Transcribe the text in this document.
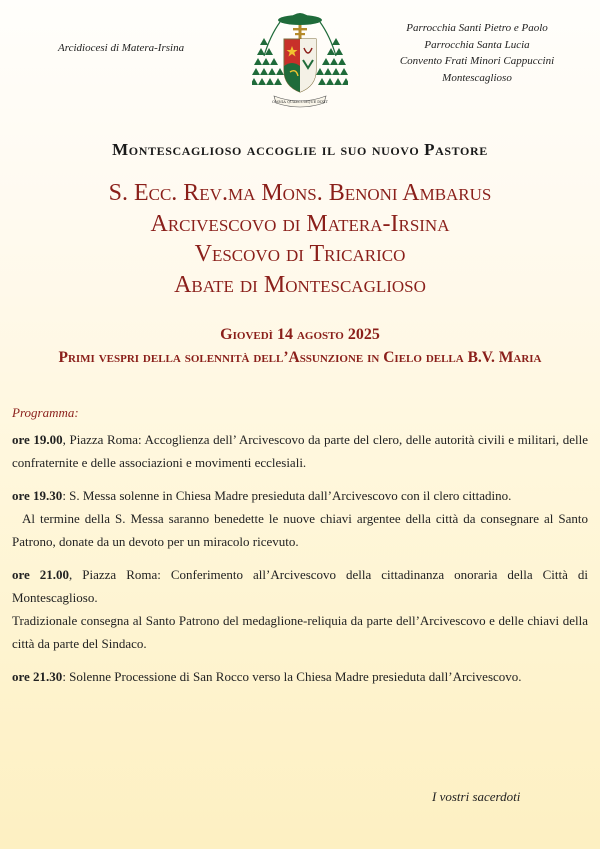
Arcidiocesi di Matera-Irsina
OMNIA QUAECUMQUE DIXIT
Parrocchia Santi Pietro e Paolo
Parrocchia Santa Lucia
Convento Frati Minori Cappuccini
Montescaglioso
Montescaglioso accoglie il suo nuovo Pastore
S. Ecc. Rev.ma Mons. Benoni Ambarus
Arcivescovo di Matera-Irsina
Vescovo di Tricarico
Abate di Montescaglioso
Giovedì 14 agosto 2025
Primi vespri della solennità dell’Assunzione in Cielo della B.V. Maria
Programma:

ore 19.00, Piazza Roma: Accoglienza dell’ Arcivescovo da parte del clero, delle autorità civili e militari, delle confraternite e delle associazioni e movimenti ecclesiali.

ore 19.30: S. Messa solenne in Chiesa Madre presieduta dall’Arcivescovo con il clero cittadino.

Al termine della S. Messa saranno benedette le nuove chiavi argentee della città da consegnare al Santo Patrono, donate da un devoto per un miracolo ricevuto.

ore 21.00, Piazza Roma: Conferimento all’Arcivescovo della cittadinanza onoraria della Città di Montescaglioso.

Tradizionale consegna al Santo Patrono del medaglione-reliquia da parte dell’Arcivescovo e delle chiavi della città da parte del Sindaco.

ore 21.30: Solenne Processione di San Rocco verso la Chiesa Madre presieduta dall’Arcivescovo.

I vostri sacerdoti
